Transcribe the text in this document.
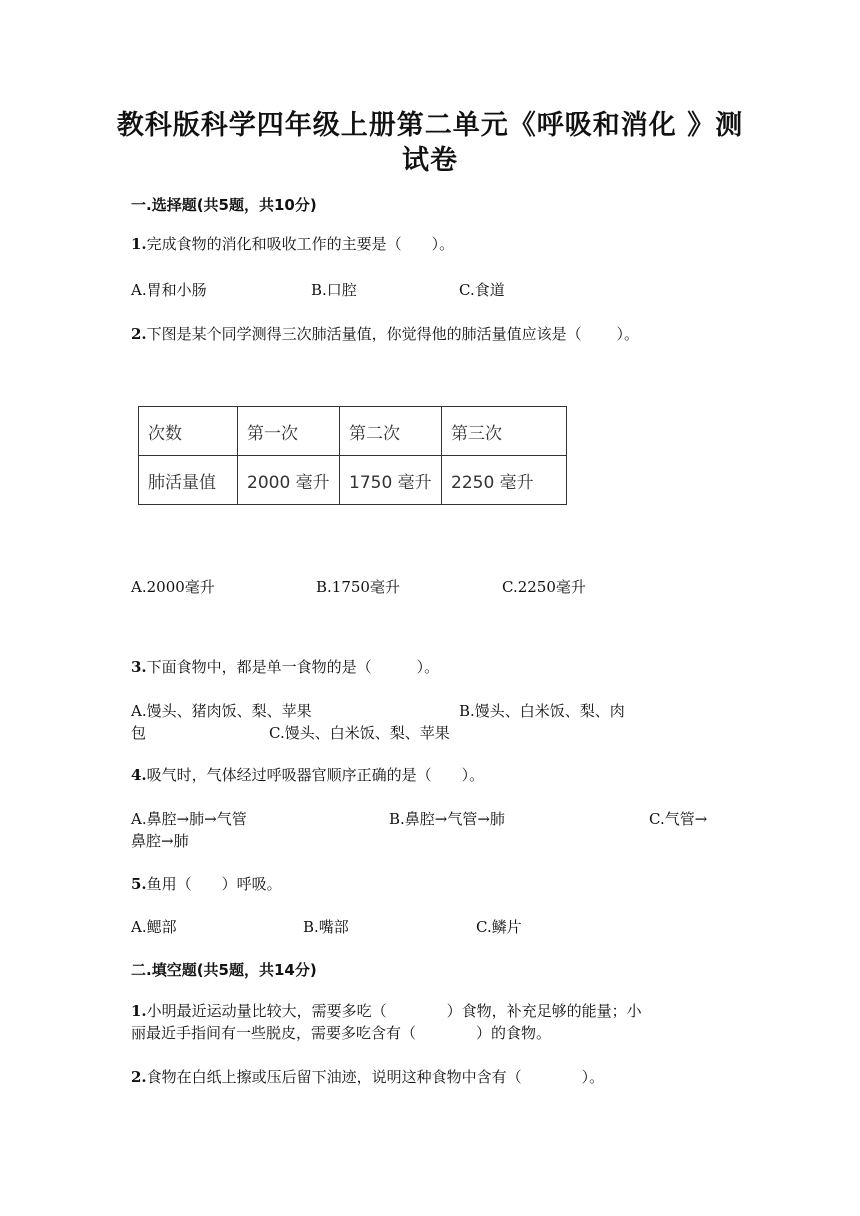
教科版科学四年级上册第二单元《呼吸和消化 》测
试卷
一.选择题(共5题，共10分)
1.完成食物的消化和吸收工作的主要是（　　）。
A.胃和小肠	B.口腔	C.食道
2.下图是某个同学测得三次肺活量值，你觉得他的肺活量值应该是（　　 ）。
次数	第一次	第二次	第三次
肺活量值	2000 毫升	1750 毫升	2250 毫升
A.2000毫升	B.1750毫升	C.2250毫升
3.下面食物中，都是单一食物的是（　　　）。
A.馒头、猪肉饭、梨、苹果	B.馒头、白米饭、梨、肉
包	C.馒头、白米饭、梨、苹果
4.吸气时，气体经过呼吸器官顺序正确的是（　　）。
A.鼻腔→肺→气管	B.鼻腔→气管→肺	C.气管→
鼻腔→肺
5.鱼用（　　）呼吸。
A.鳃部	B.嘴部	C.鳞片
二.填空题(共5题，共14分)
1.小明最近运动量比较大，需要多吃（　　　　）食物，补充足够的能量；小
丽最近手指间有一些脱皮，需要多吃含有（　　　　）的食物。
2.食物在白纸上擦或压后留下油迹，说明这种食物中含有（　　　　）。
